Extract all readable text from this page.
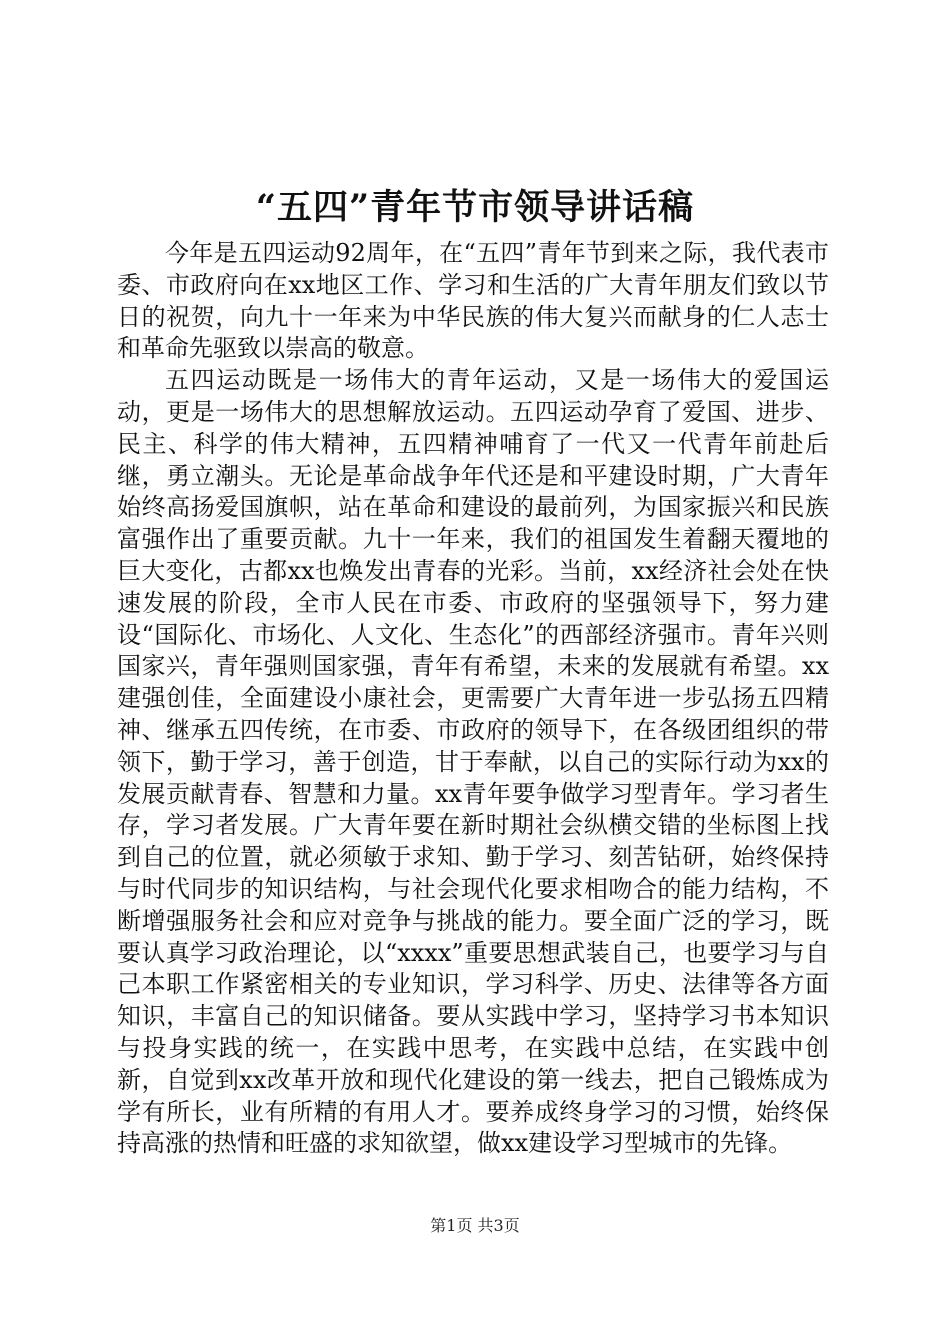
“五四”青年节市领导讲话稿

今年是五四运动92周年，在“五四”青年节到来之际，我代表市委、市政府向在xx地区工作、学习和生活的广大青年朋友们致以节日的祝贺，向九十一年来为中华民族的伟大复兴而献身的仁人志士和革命先驱致以崇高的敬意。

五四运动既是一场伟大的青年运动，又是一场伟大的爱国运动，更是一场伟大的思想解放运动。五四运动孕育了爱国、进步、民主、科学的伟大精神，五四精神哺育了一代又一代青年前赴后继，勇立潮头。无论是革命战争年代还是和平建设时期，广大青年始终高扬爱国旗帜，站在革命和建设的最前列，为国家振兴和民族富强作出了重要贡献。九十一年来，我们的祖国发生着翻天覆地的巨大变化，古都xx也焕发出青春的光彩。当前，xx经济社会处在快速发展的阶段，全市人民在市委、市政府的坚强领导下，努力建设“国际化、市场化、人文化、生态化”的西部经济强市。青年兴则国家兴，青年强则国家强，青年有希望，未来的发展就有希望。xx建强创佳，全面建设小康社会，更需要广大青年进一步弘扬五四精神、继承五四传统，在市委、市政府的领导下，在各级团组织的带领下，勤于学习，善于创造，甘于奉献，以自己的实际行动为xx的发展贡献青春、智慧和力量。xx青年要争做学习型青年。学习者生存，学习者发展。广大青年要在新时期社会纵横交错的坐标图上找到自己的位置，就必须敏于求知、勤于学习、刻苦钻研，始终保持与时代同步的知识结构，与社会现代化要求相吻合的能力结构，不断增强服务社会和应对竞争与挑战的能力。要全面广泛的学习，既要认真学习政治理论，以“xxxx”重要思想武装自己，也要学习与自己本职工作紧密相关的专业知识，学习科学、历史、法律等各方面知识，丰富自己的知识储备。要从实践中学习，坚持学习书本知识与投身实践的统一，在实践中思考，在实践中总结，在实践中创新，自觉到xx改革开放和现代化建设的第一线去，把自己锻炼成为学有所长，业有所精的有用人才。要养成终身学习的习惯，始终保持高涨的热情和旺盛的求知欲望，做xx建设学习型城市的先锋。

第1页 共3页
